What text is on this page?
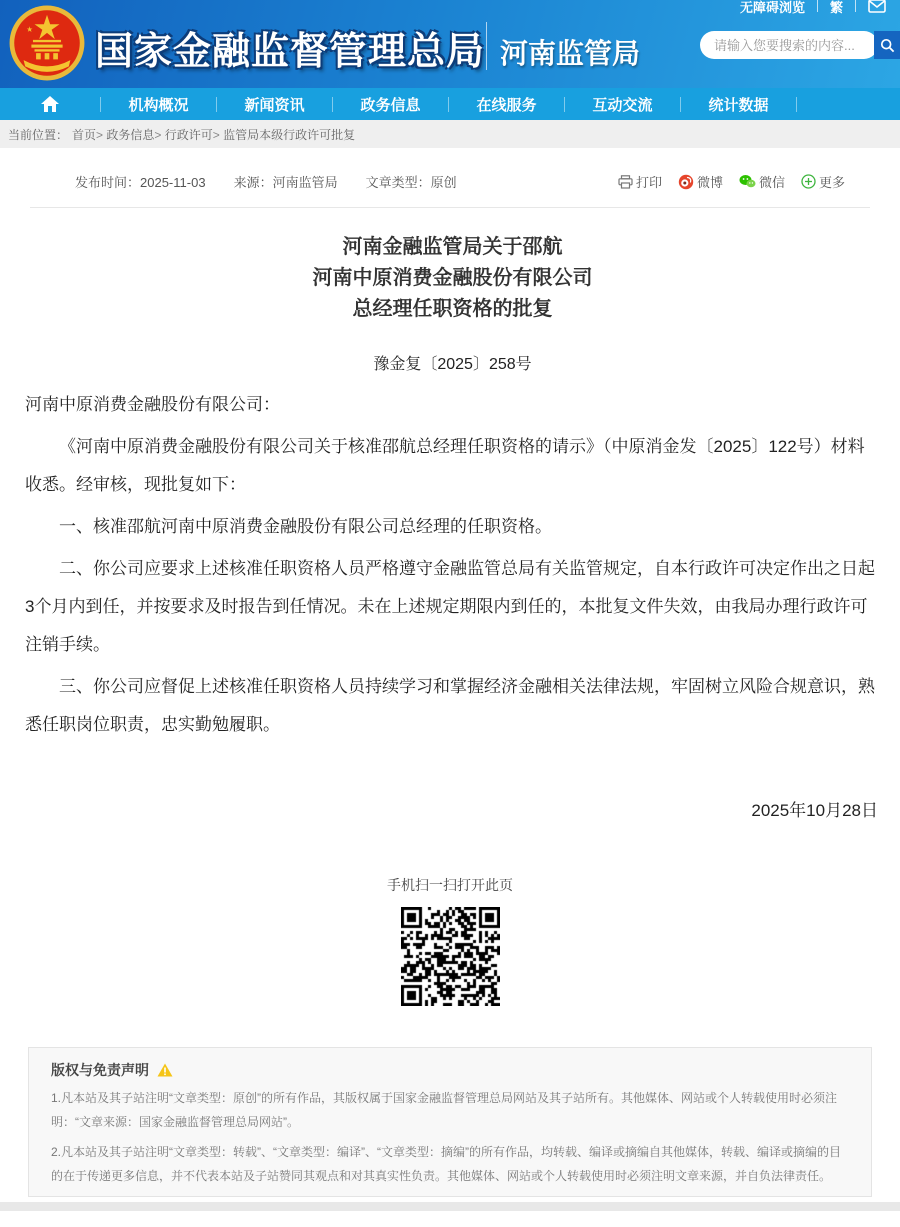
国家金融监督管理总局 河南监管局
无障碍浏览 繁
请输入您要搜索的内容...
机构概况	新闻资讯	政务信息	在线服务	互动交流	统计数据
当前位置： 首页 > 政务信息 > 行政许可 > 监管局本级行政许可批复
发布时间：2025-11-03 来源：河南监管局 文章类型：原创	打印	微博	微信	更多
河南金融监管局关于邵航
河南中原消费金融股份有限公司
总经理任职资格的批复
豫金复〔2025〕258号

河南中原消费金融股份有限公司：

《河南中原消费金融股份有限公司关于核准邵航总经理任职资格的请示》（中原消金发〔2025〕122号）材料收悉。经审核，现批复如下：

一、核准邵航河南中原消费金融股份有限公司总经理的任职资格。

二、你公司应要求上述核准任职资格人员严格遵守金融监管总局有关监管规定，自本行政许可决定作出之日起3个月内到任，并按要求及时报告到任情况。未在上述规定期限内到任的，本批复文件失效，由我局办理行政许可注销手续。

三、你公司应督促上述核准任职资格人员持续学习和掌握经济金融相关法律法规，牢固树立风险合规意识，熟悉任职岗位职责，忠实勤勉履职。

2025年10月28日
手机扫一扫打开此页
版权与免责声明

1.凡本站及其子站注明“文章类型：原创”的所有作品，其版权属于国家金融监督管理总局网站及其子站所有。其他媒体、网站或个人转载使用时必须注明：“文章来源：国家金融监督管理总局网站”。

2.凡本站及其子站注明“文章类型：转载”、“文章类型：编译”、“文章类型：摘编”的所有作品，均转载、编译或摘编自其他媒体，转载、编译或摘编的目的在于传递更多信息，并不代表本站及子站赞同其观点和对其真实性负责。其他媒体、网站或个人转载使用时必须注明文章来源，并自负法律责任。
